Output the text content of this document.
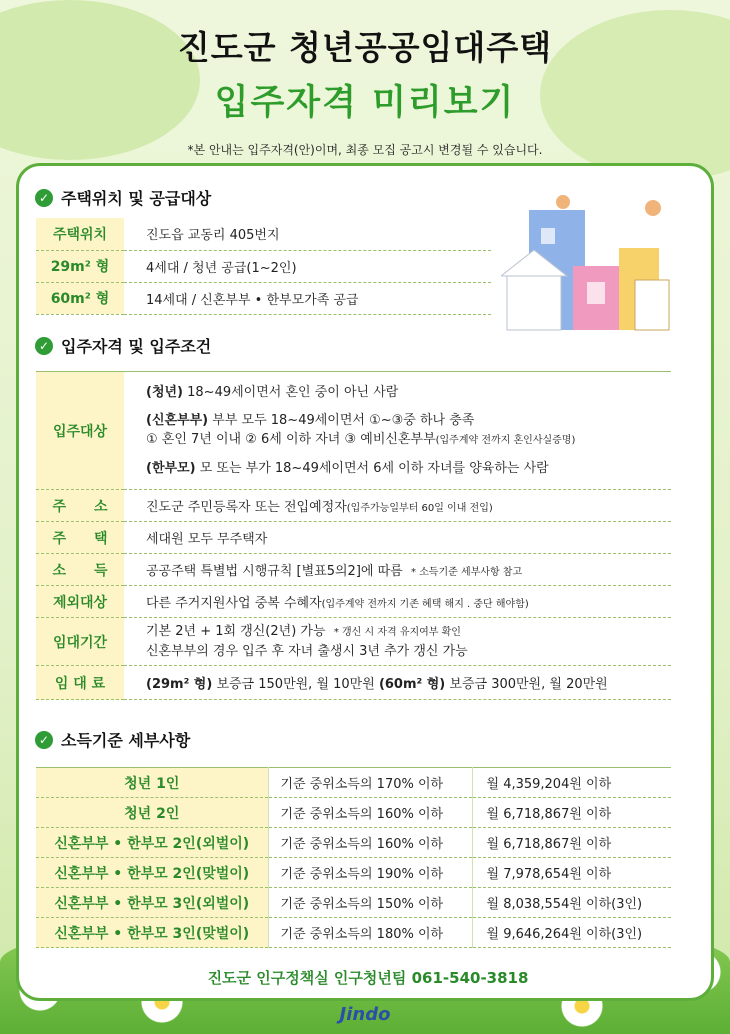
진도군 청년공공임대주택
입주자격 미리보기
*본 안내는 입주자격(안)이며, 최종 모집 공고시 변경될 수 있습니다.
✓ 주택위치 및 공급대상
주택위치	진도읍 교동리 405번지
29m² 형	4세대 / 청년 공급(1~2인)
60m² 형	14세대 / 신혼부부 • 한부모가족 공급
✓ 입주자격 및 입주조건
입주대상	(청년) 18~49세이면서 혼인 중이 아닌 사람
(신혼부부) 부부 모두 18~49세이면서 ①~③중 하나 충족
① 혼인 7년 이내 ② 6세 이하 자녀 ③ 예비신혼부부(입주계약 전까지 혼인사실증명)
(한부모) 모 또는 부가 18~49세이면서 6세 이하 자녀를 양육하는 사람

주　　소	진도군 주민등록자 또는 전입예정자(입주가능일부터 60일 이내 전입)
주　　택	세대원 모두 무주택자
소　　득	공공주택 특별법 시행규칙 [별표5의2]에 따름 * 소득기준 세부사항 참고
제외대상	다른 주거지원사업 중복 수혜자(입주계약 전까지 기존 혜택 해지 . 중단 해야함)
임대기간	기본 2년 + 1회 갱신(2년) 가능 * 갱신 시 자격 유지여부 확인
신혼부부의 경우 입주 후 자녀 출생시 3년 추가 갱신 가능

임 대 료	(29m² 형) 보증금 150만원, 월 10만원 (60m² 형) 보증금 300만원, 월 20만원
✓ 소득기준 세부사항
청년 1인	기준 중위소득의 170% 이하	월 4,359,204원 이하
청년 2인	기준 중위소득의 160% 이하	월 6,718,867원 이하
신혼부부 • 한부모 2인(외벌이)	기준 중위소득의 160% 이하	월 6,718,867원 이하
신혼부부 • 한부모 2인(맞벌이)	기준 중위소득의 190% 이하	월 7,978,654원 이하
신혼부부 • 한부모 3인(외벌이)	기준 중위소득의 150% 이하	월 8,038,554원 이하(3인)
신혼부부 • 한부모 3인(맞벌이)	기준 중위소득의 180% 이하	월 9,646,264원 이하(3인)
진도군 인구정책실 인구청년팀 061-540-3818
Jindo
